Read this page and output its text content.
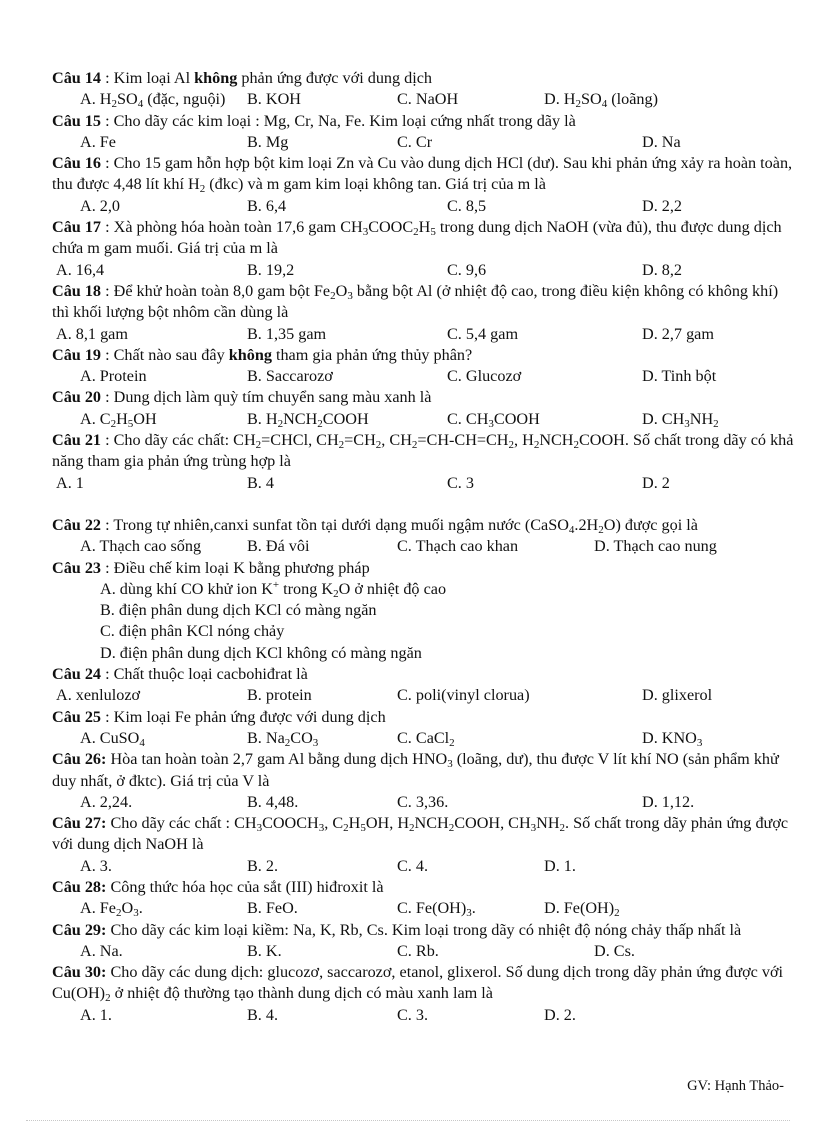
Câu 14 : Kim loại Al không phản ứng được với dung dịch
A. $H_2SO_4$ (đặc, nguội) B. KOH	C. NaOH	D. $H_2SO_4$ (loãng)
Câu 15 : Cho dãy các kim loại : Mg, Cr, Na, Fe. Kim loại cứng nhất trong dãy là
A. Fe	B. Mg	C. Cr	D. Na
Câu 16 : Cho 15 gam hỗn hợp bột kim loại Zn và Cu vào dung dịch HCl (dư). Sau khi phản ứng xảy ra hoàn toàn, thu được 4,48 lít khí $H_2$ (đkc) và m gam kim loại không tan. Giá trị của m là
A. 2,0	B. 6,4	C. 8,5	D. 2,2
Câu 17 : Xà phòng hóa hoàn toàn 17,6 gam $CH_3COOC_2H_5$ trong dung dịch NaOH (vừa đủ), thu được dung dịch chứa m gam muối. Giá trị của m là
A. 16,4	B. 19,2	C. 9,6	D. 8,2
Câu 18 : Để khử hoàn toàn 8,0 gam bột $Fe_2O_3$ bằng bột Al (ở nhiệt độ cao, trong điều kiện không có không khí) thì khối lượng bột nhôm cần dùng là
A. 8,1 gam	B. 1,35 gam	C. 5,4 gam	D. 2,7 gam
Câu 19 : Chất nào sau đây không tham gia phản ứng thủy phân?
A. Protein	B. Saccarozơ	C. Glucozơ	D. Tinh bột
Câu 20 : Dung dịch làm quỳ tím chuyển sang màu xanh là
A. $C_2H_5OH$	B. $H_2NCH_2COOH$	C. $CH_3COOH$	D. $CH_3NH_2$
Câu 21 : Cho dãy các chất: $CH_2=CHCl$, $CH_2=CH_2$, $CH_2=CH-CH=CH_2$, $H_2NCH_2COOH$. Số chất trong dãy có khả năng tham gia phản ứng trùng hợp là
A. 1	B. 4	C. 3	D. 2
Câu 22 : Trong tự nhiên,canxi sunfat tồn tại dưới dạng muối ngậm nước $(CaSO_4.2H_2O)$ được gọi là
A. Thạch cao sống	B. Đá vôi	C. Thạch cao khan	D. Thạch cao nung
Câu 23 : Điều chế kim loại K bằng phương pháp
A. dùng khí CO khử ion K+ trong $K_2O$ ở nhiệt độ cao
B. điện phân dung dịch KCl có màng ngăn
C. điện phân KCl nóng chảy
D. điện phân dung dịch KCl không có màng ngăn
Câu 24 : Chất thuộc loại cacbohiđrat là
A. xenlulozơ	B. protein	C. poli(vinyl clorua)	D. glixerol
Câu 25 : Kim loại Fe phản ứng được với dung dịch
A. CuSO$_4$	B. $Na_2CO_3$	C. CaCl$_2$	D. $KNO_3$
Câu 26: Hòa tan hoàn toàn 2,7 gam Al bằng dung dịch $HNO_3$ (loãng, dư), thu được V lít khí NO (sản phẩm khử duy nhất, ở đktc). Giá trị của V là
A. 2,24.	B. 4,48.	C. 3,36.	D. 1,12.
Câu 27: Cho dãy các chất : $CH_3COOCH_3$, $C_2H_5OH$, $H_2NCH_2COOH$, $CH_3NH_2$. Số chất trong dãy phản ứng được với dung dịch NaOH là
A. 3.	B. 2.	C. 4.	D. 1.
Câu 28: Công thức hóa học của sắt (III) hiđroxit là
A. $Fe_2O_3$.	B. FeO.	C. $Fe(OH)_3$.	D. $Fe(OH)_2$
Câu 29: Cho dãy các kim loại kiềm: Na, K, Rb, Cs. Kim loại trong dãy có nhiệt độ nóng chảy thấp nhất là
A. Na.	B. K.	C. Rb.	D. Cs.
Câu 30: Cho dãy các dung dịch: glucozơ, saccarozơ, etanol, glixerol. Số dung dịch trong dãy phản ứng được với $Cu(OH)_2$ ở nhiệt độ thường tạo thành dung dịch có màu xanh lam là
A. 1.	B. 4.	C. 3.	D. 2.
GV: Hạnh Thảo-
